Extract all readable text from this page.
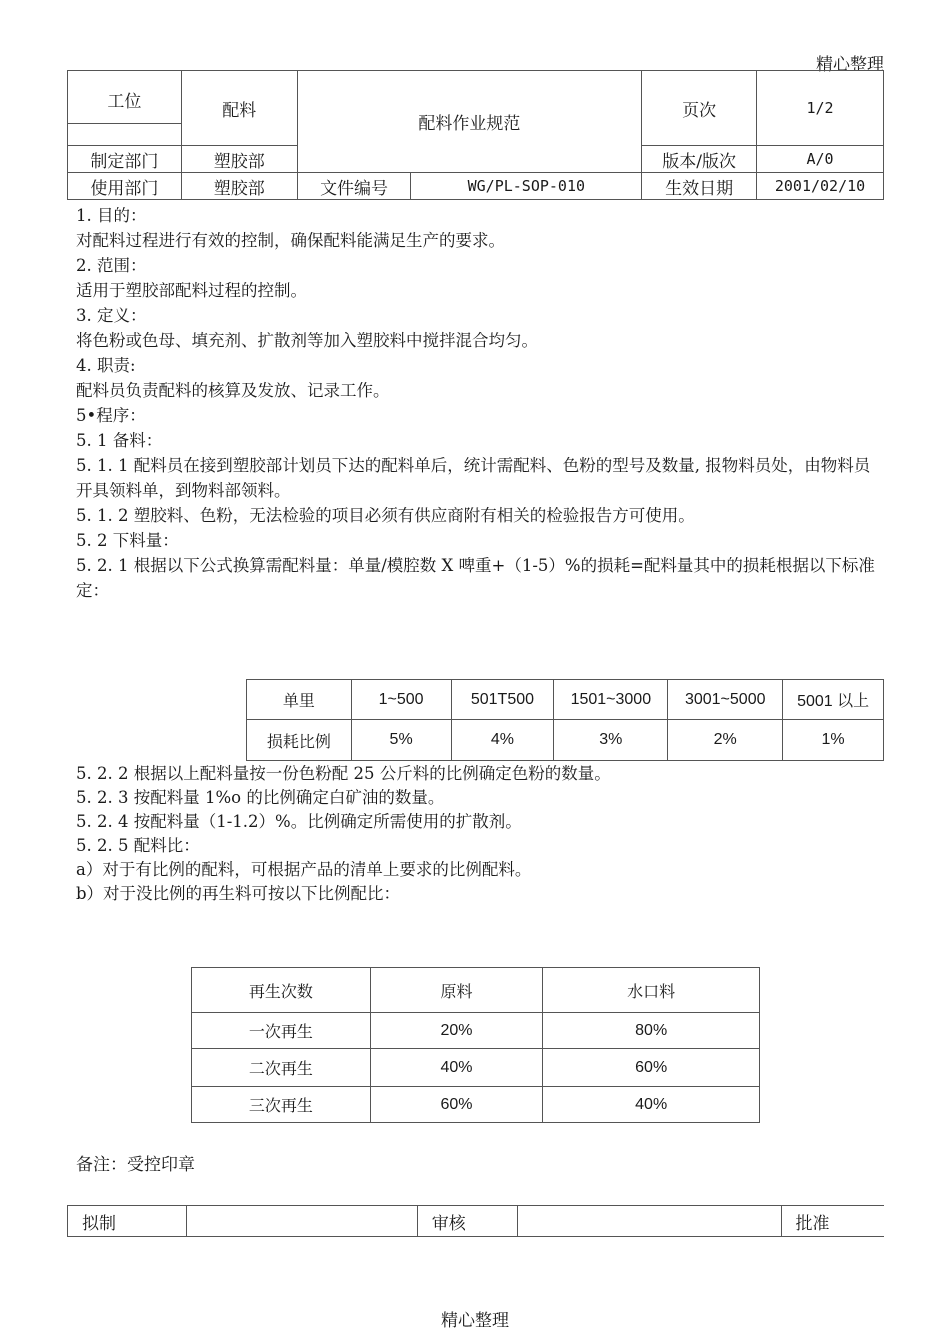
精心整理
工位	配料	配料作业规范		页次	1/2

制定部门	塑胶部			版本/版次	A/0
使用部门	塑胶部	文件编号	WG/PL-SOP-010	生效日期	2001/02/10

1. 目的：

对配料过程进行有效的控制，确保配料能满足生产的要求。

2. 范围：

适用于塑胶部配料过程的控制。

3. 定义：

将色粉或色母、填充剂、扩散剂等加入塑胶料中搅拌混合均匀。

4. 职责:

配料员负责配料的核算及发放、记录工作。

5•程序：

5. 1 备料：

5. 1. 1 配料员在接到塑胶部计划员下达的配料单后，统计需配料、色粉的型号及数量, 报物料员处，由物料员开具领料单，到物料部领料。

5. 1. 2 塑胶料、色粉，无法检验的项目必须有供应商附有相关的检验报告方可使用。

5. 2 下料量：

5. 2. 1 根据以下公式换算需配料量：单量/模腔数 X 啤重+（1-5）%的损耗=配料量其中的损耗根据以下标准定：

单里	1~500	501T500	1501~3000	3001~5000	5001 以上
损耗比例	5%	4%	3%	2%	1%

5. 2. 2 根据以上配料量按一份色粉配 25 公斤料的比例确定色粉的数量。

5. 2. 3 按配料量 1%o 的比例确定白矿油的数量。

5. 2. 4 按配料量（1-1.2）%。比例确定所需使用的扩散剂。

5. 2. 5 配料比：

a）对于有比例的配料，可根据产品的清单上要求的比例配料。

b）对于没比例的再生料可按以下比例配比：

再生次数	原料	水口料
一次再生	20%	80%
二次再生	40%	60%
三次再生	60%	40%
备注：受控印章
拟制		审核		批准
精心整理
